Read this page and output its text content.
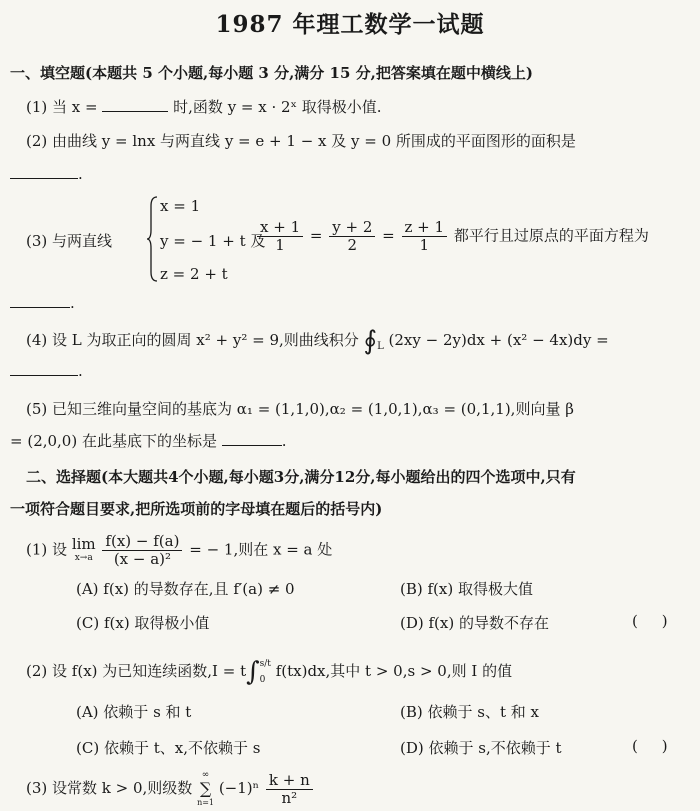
1987 年理工数学一试题
一、填空题(本题共 5 个小题,每小题 3 分,满分 15 分,把答案填在题中横线上)
(1) 当 x =	时,函数 y = x · 2ˣ 取得极小值.
(2) 由曲线 y = lnx 与两直线 y = e + 1 − x 及 y = 0 所围成的平面图形的面积是
.
(3) 与两直线
x = 1
y = − 1 + t 及
z = 2 + t
$\frac{x + 1}{1} = \frac{y + 2}{2} = \frac{z + 1}{1}$ 都平行且过原点的平面方程为
.
(4) 设 L 为取正向的圆周 x² + y² = 9,则曲线积分 $∮_L$ (2xy − 2y)dx + (x² − 4x)dy =
.
(5) 已知三维向量空间的基底为 α₁ = (1,1,0),α₂ = (1,0,1),α₃ = (0,1,1),则向量 β
= (2,0,0) 在此基底下的坐标是	.
二、选择题(本大题共4个小题,每小题3分,满分12分,每小题给出的四个选项中,只有
一项符合题目要求,把所选项前的字母填在题后的括号内)
(1) 设 lim
x→a
$\frac{f(x) - f(a)}{\text{(x − a)²}}$ = − 1,则在 x = a 处
(A) f(x) 的导数存在,且 f′(a) ≠ 0	(B) f(x) 取得极大值
(C) f(x) 取得极小值	(D) f(x) 的导数不存在	(     )
(2) 设 f(x) 为已知连续函数,I = t∫ s/t
0 f(tx)dx,其中 t > 0,s > 0,则 I 的值
(A) 依赖于 s 和 t	(B) 依赖于 s、t 和 x
(C) 依赖于 t、x,不依赖于 s	(D) 依赖于 s,不依赖于 t	(     )
(3) 设常数 k > 0,则级数
∞
∑
n=1
$(-1)^n \frac{k + n}{\text{n²}}$
